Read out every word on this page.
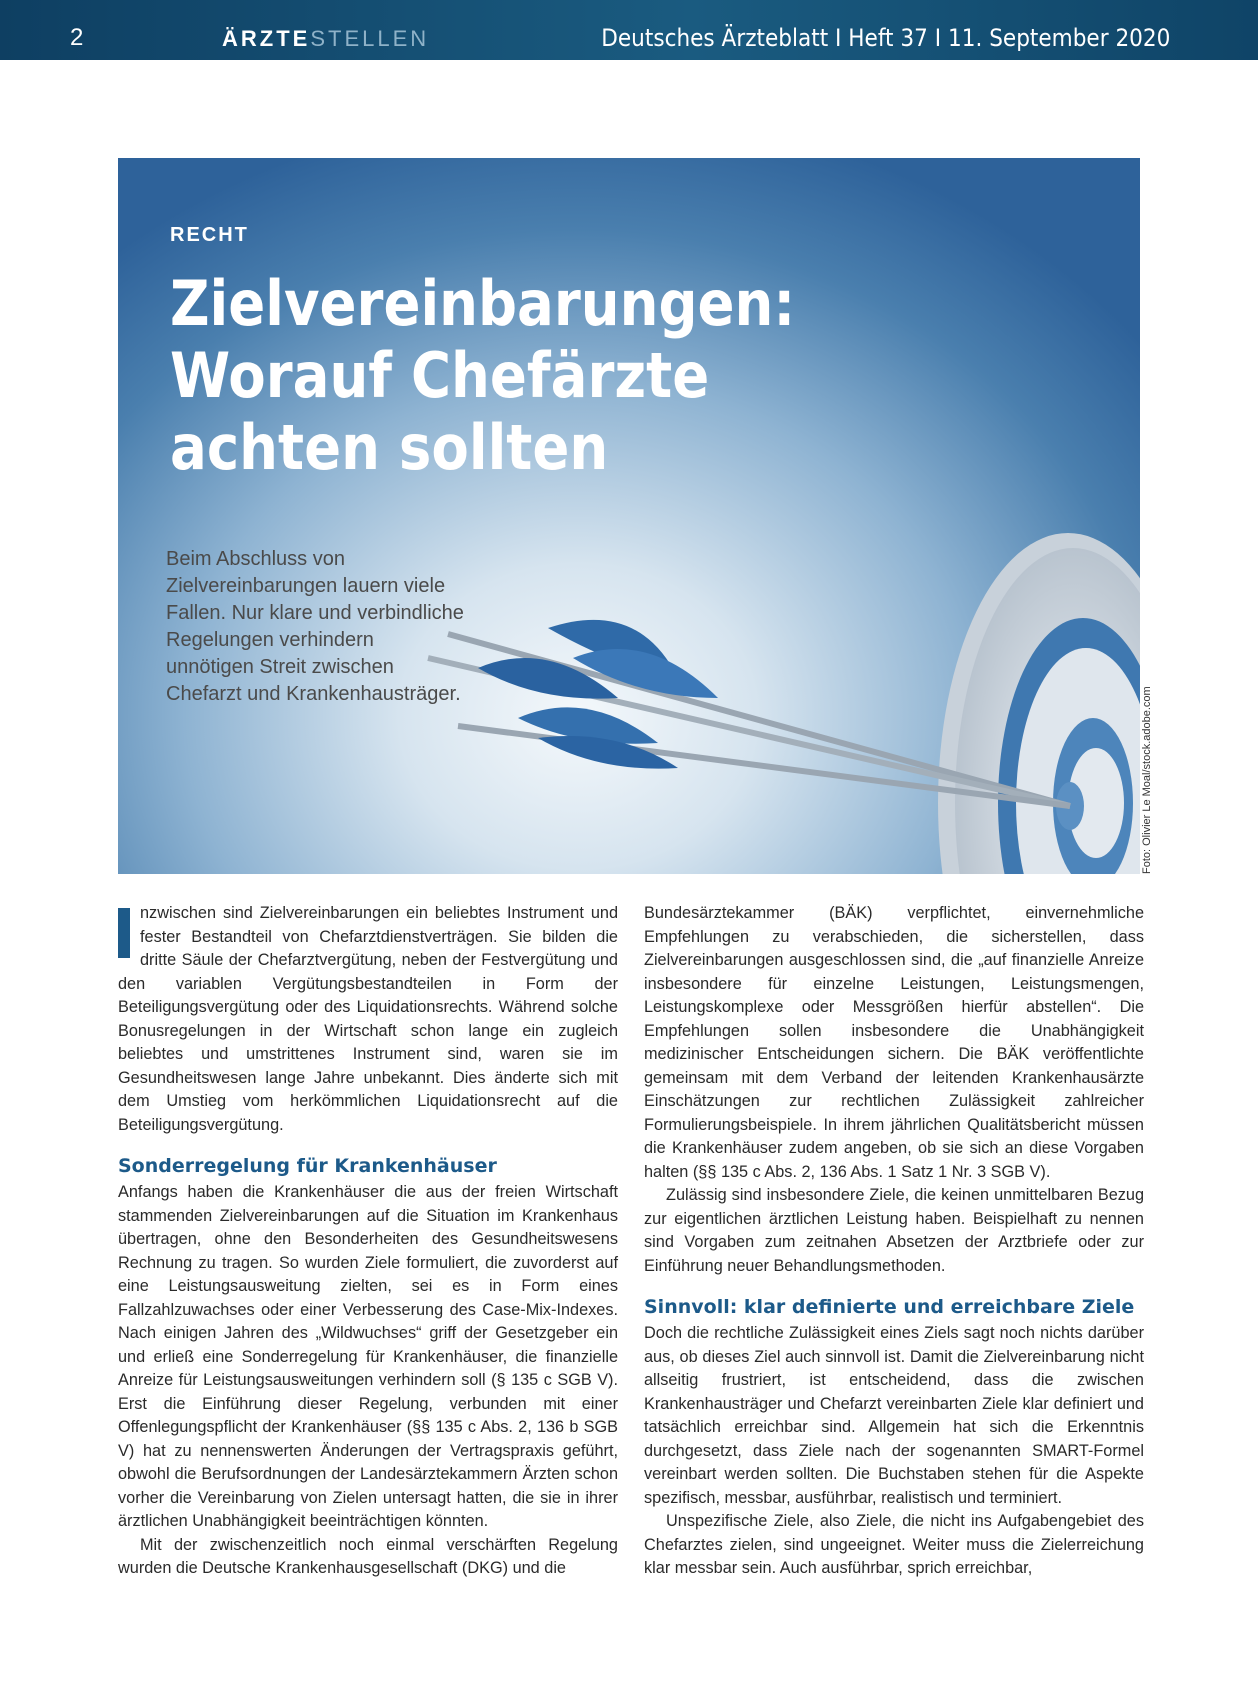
2	ÄRZTESTELLEN	Deutsches Ärzteblatt I Heft 37 I 11. September 2020
RECHT
Zielvereinbarungen:
Worauf Chefärzte
achten sollten
Beim Abschluss von Zielvereinbarungen lauern viele Fallen. Nur klare und verbindliche Regelungen verhindern unnötigen Streit zwischen Chefarzt und Krankenhausträger.	Foto: Olivier Le Moal/stock.adobe.com

nzwischen sind Zielvereinbarungen ein beliebtes Instrument und fester Bestandteil von Chefarztdienstverträgen. Sie bilden die dritte Säule der Chefarztvergütung, neben der Festvergütung und den variablen Vergütungsbestandteilen in Form der Beteiligungsvergütung oder des Liquidationsrechts. Während solche Bonusregelungen in der Wirtschaft schon lange ein zugleich beliebtes und umstrittenes Instrument sind, waren sie im Gesundheitswesen lange Jahre unbekannt. Dies änderte sich mit dem Umstieg vom herkömmlichen Liquidationsrecht auf die Beteiligungsvergütung.

Sonderregelung für Krankenhäuser

Anfangs haben die Krankenhäuser die aus der freien Wirtschaft stammenden Zielvereinbarungen auf die Situation im Krankenhaus übertragen, ohne den Besonderheiten des Gesundheitswesens Rechnung zu tragen. So wurden Ziele formuliert, die zuvorderst auf eine Leistungsausweitung zielten, sei es in Form eines Fallzahlzuwachses oder einer Verbesserung des Case-Mix-Indexes. Nach einigen Jahren des „Wildwuchses“ griff der Gesetzgeber ein und erließ eine Sonderregelung für Krankenhäuser, die finanzielle Anreize für Leistungsausweitungen verhindern soll (§ 135 c SGB V). Erst die Einführung dieser Regelung, verbunden mit einer Offenlegungspflicht der Krankenhäuser (§§ 135 c Abs. 2, 136 b SGB V) hat zu nennenswerten Änderungen der Vertragspraxis geführt, obwohl die Berufsordnungen der Landesärztekammern Ärzten schon vorher die Vereinbarung von Zielen untersagt hatten, die sie in ihrer ärztlichen Unabhängigkeit beeinträchtigen könnten.

Mit der zwischenzeitlich noch einmal verschärften Regelung wurden die Deutsche Krankenhausgesellschaft (DKG) und die

Bundesärztekammer (BÄK) verpflichtet, einvernehmliche Empfehlungen zu verabschieden, die sicherstellen, dass Zielvereinbarungen ausgeschlossen sind, die „auf finanzielle Anreize insbesondere für einzelne Leistungen, Leistungsmengen, Leistungskomplexe oder Messgrößen hierfür abstellen“. Die Empfehlungen sollen insbesondere die Unabhängigkeit medizinischer Entscheidungen sichern. Die BÄK veröffentlichte gemeinsam mit dem Verband der leitenden Krankenhausärzte Einschätzungen zur rechtlichen Zulässigkeit zahlreicher Formulierungsbeispiele. In ihrem jährlichen Qualitätsbericht müssen die Krankenhäuser zudem angeben, ob sie sich an diese Vorgaben halten (§§ 135 c Abs. 2, 136 Abs. 1 Satz 1 Nr. 3 SGB V).

Zulässig sind insbesondere Ziele, die keinen unmittelbaren Bezug zur eigentlichen ärztlichen Leistung haben. Beispielhaft zu nennen sind Vorgaben zum zeitnahen Absetzen der Arztbriefe oder zur Einführung neuer Behandlungsmethoden.

Sinnvoll: klar definierte und erreichbare Ziele

Doch die rechtliche Zulässigkeit eines Ziels sagt noch nichts darüber aus, ob dieses Ziel auch sinnvoll ist. Damit die Zielvereinbarung nicht allseitig frustriert, ist entscheidend, dass die zwischen Krankenhausträger und Chefarzt vereinbarten Ziele klar definiert und tatsächlich erreichbar sind. Allgemein hat sich die Erkenntnis durchgesetzt, dass Ziele nach der sogenannten SMART-Formel vereinbart werden sollten. Die Buchstaben stehen für die Aspekte spezifisch, messbar, ausführbar, realistisch und terminiert.

Unspezifische Ziele, also Ziele, die nicht ins Aufgabengebiet des Chefarztes zielen, sind ungeeignet. Weiter muss die Zielerreichung klar messbar sein. Auch ausführbar, sprich erreichbar,
